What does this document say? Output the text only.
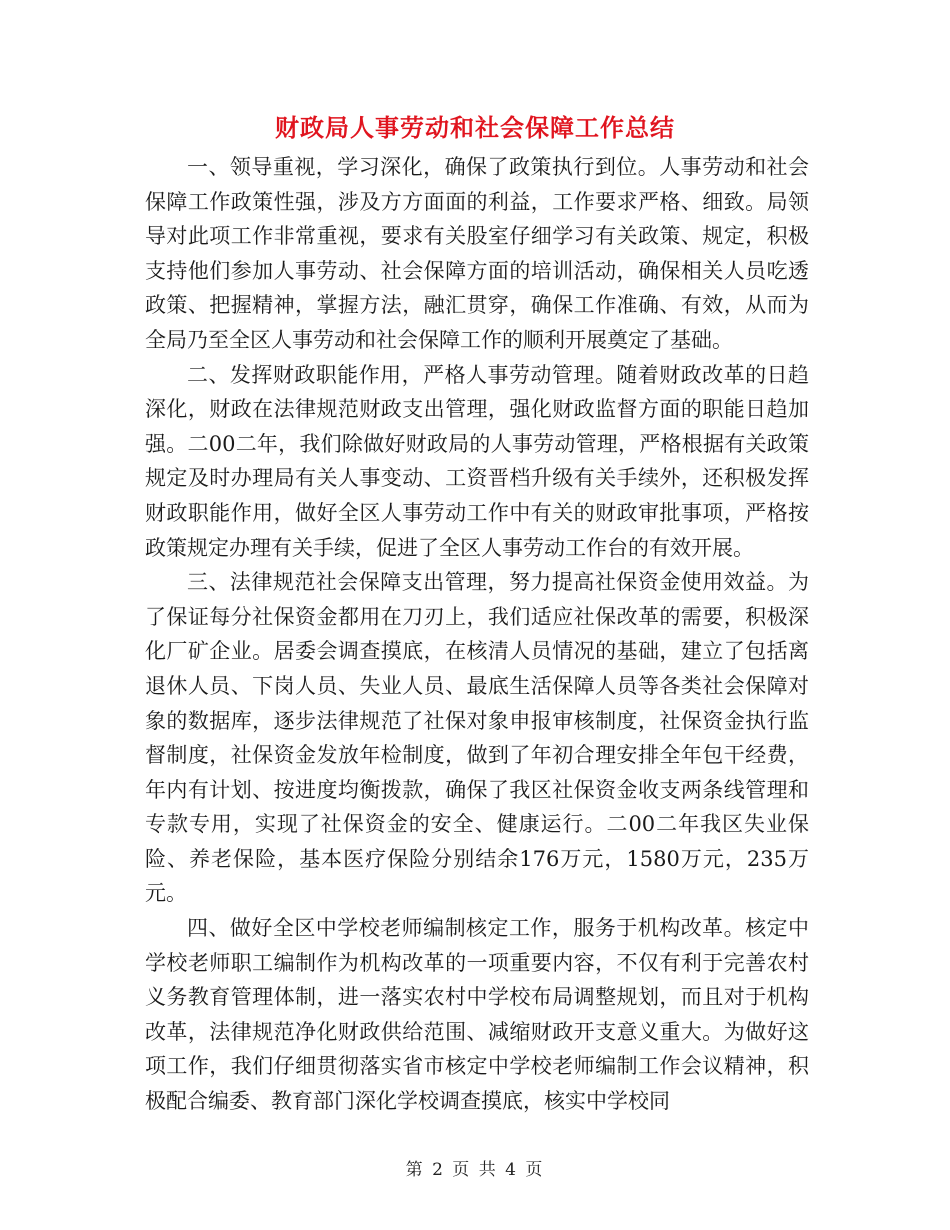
财政局人事劳动和社会保障工作总结

一、领导重视，学习深化，确保了政策执行到位。人事劳动和社会保障工作政策性强，涉及方方面面的利益，工作要求严格、细致。局领导对此项工作非常重视，要求有关股室仔细学习有关政策、规定，积极支持他们参加人事劳动、社会保障方面的培训活动，确保相关人员吃透政策、把握精神，掌握方法，融汇贯穿，确保工作准确、有效，从而为全局乃至全区人事劳动和社会保障工作的顺利开展奠定了基础。

二、发挥财政职能作用，严格人事劳动管理。随着财政改革的日趋深化，财政在法律规范财政支出管理，强化财政监督方面的职能日趋加强。二00二年，我们除做好财政局的人事劳动管理，严格根据有关政策规定及时办理局有关人事变动、工资晋档升级有关手续外，还积极发挥财政职能作用，做好全区人事劳动工作中有关的财政审批事项，严格按政策规定办理有关手续，促进了全区人事劳动工作台的有效开展。

三、法律规范社会保障支出管理，努力提高社保资金使用效益。为了保证每分社保资金都用在刀刃上，我们适应社保改革的需要，积极深化厂矿企业。居委会调查摸底，在核清人员情况的基础，建立了包括离退休人员、下岗人员、失业人员、最底生活保障人员等各类社会保障对象的数据库，逐步法律规范了社保对象申报审核制度，社保资金执行监督制度，社保资金发放年检制度，做到了年初合理安排全年包干经费，年内有计划、按进度均衡拨款，确保了我区社保资金收支两条线管理和专款专用，实现了社保资金的安全、健康运行。二00二年我区失业保险、养老保险，基本医疗保险分别结余176万元，1580万元，235万元。

四、做好全区中学校老师编制核定工作，服务于机构改革。核定中学校老师职工编制作为机构改革的一项重要内容，不仅有利于完善农村义务教育管理体制，进一落实农村中学校布局调整规划，而且对于机构改革，法律规范净化财政供给范围、减缩财政开支意义重大。为做好这项工作，我们仔细贯彻落实省市核定中学校老师编制工作会议精神，积极配合编委、教育部门深化学校调查摸底，核实中学校同

第 2 页 共 4 页
